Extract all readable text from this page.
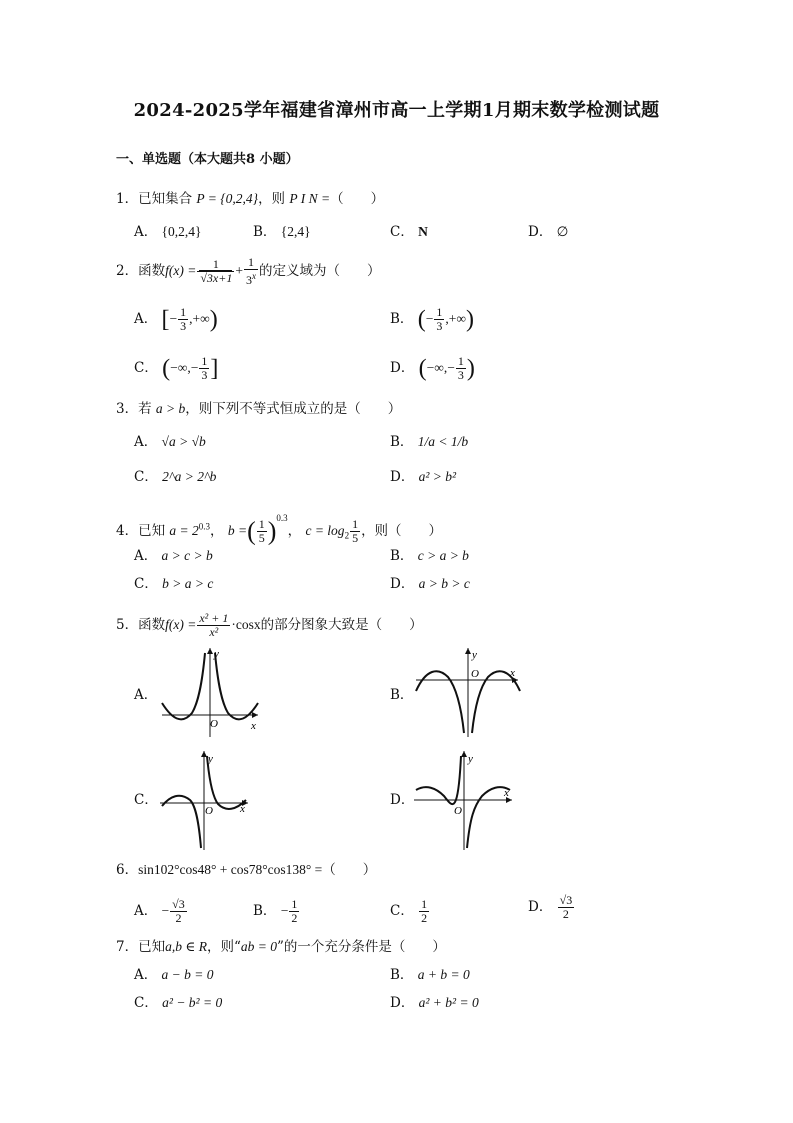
2024-2025学年福建省漳州市高一上学期1月期末数学检测试题
一、单选题（本大题共8 小题）
1．已知集合 P = {0,2,4}，则 P I N =（　　）
A． {0,2,4}	B． {2,4}	C． N	D． ∅
2．函数$f(x) = \frac{1}{√3x+1} + \frac{1}{3^x}$ 的定义域为（　　）
A． [− $\frac{1}{3}$ ,+∞)	B． (− $\frac{1}{3}$ ,+∞)
C． (−∞,− $\frac{1}{3}$ ]	D． (−∞,− $\frac{1}{3}$ )
3．若 a > b，则下列不等式恒成立的是（　　）
A． √a > √b	B． 1/a < 1/b
C． 2^a > 2^b	D． a² > b²
4．已知 $a = 2^{0.3}$， b =( $\frac{1}{5} )^{0.3}$， $c = \log_2 \frac{1}{5}$ ，则（　　）
A． a > c > b	B． c > a > b
C． b > a > c	D． a > b > c
5．函数$f(x) = \frac{\text{x² + 1}}{\text{x²}} \cdot\cos x$的部分图象大致是（　　）
A．	B．
C．	D．
y
x
O
y
x
O
y
x
O
y
x
O
6．sin102°cos48° + cos78°cos138° =（　　）
A． − $\frac{√3}{2}$	B． − $\frac{1}{2}$	C． $\frac{1}{2}$	D． $\frac{√3}{2}$
7．已知a,b ∈ R，则“ab = 0”的一个充分条件是（　　）
A． a − b = 0	B． a + b = 0
C． a² − b² = 0	D． a² + b² = 0
